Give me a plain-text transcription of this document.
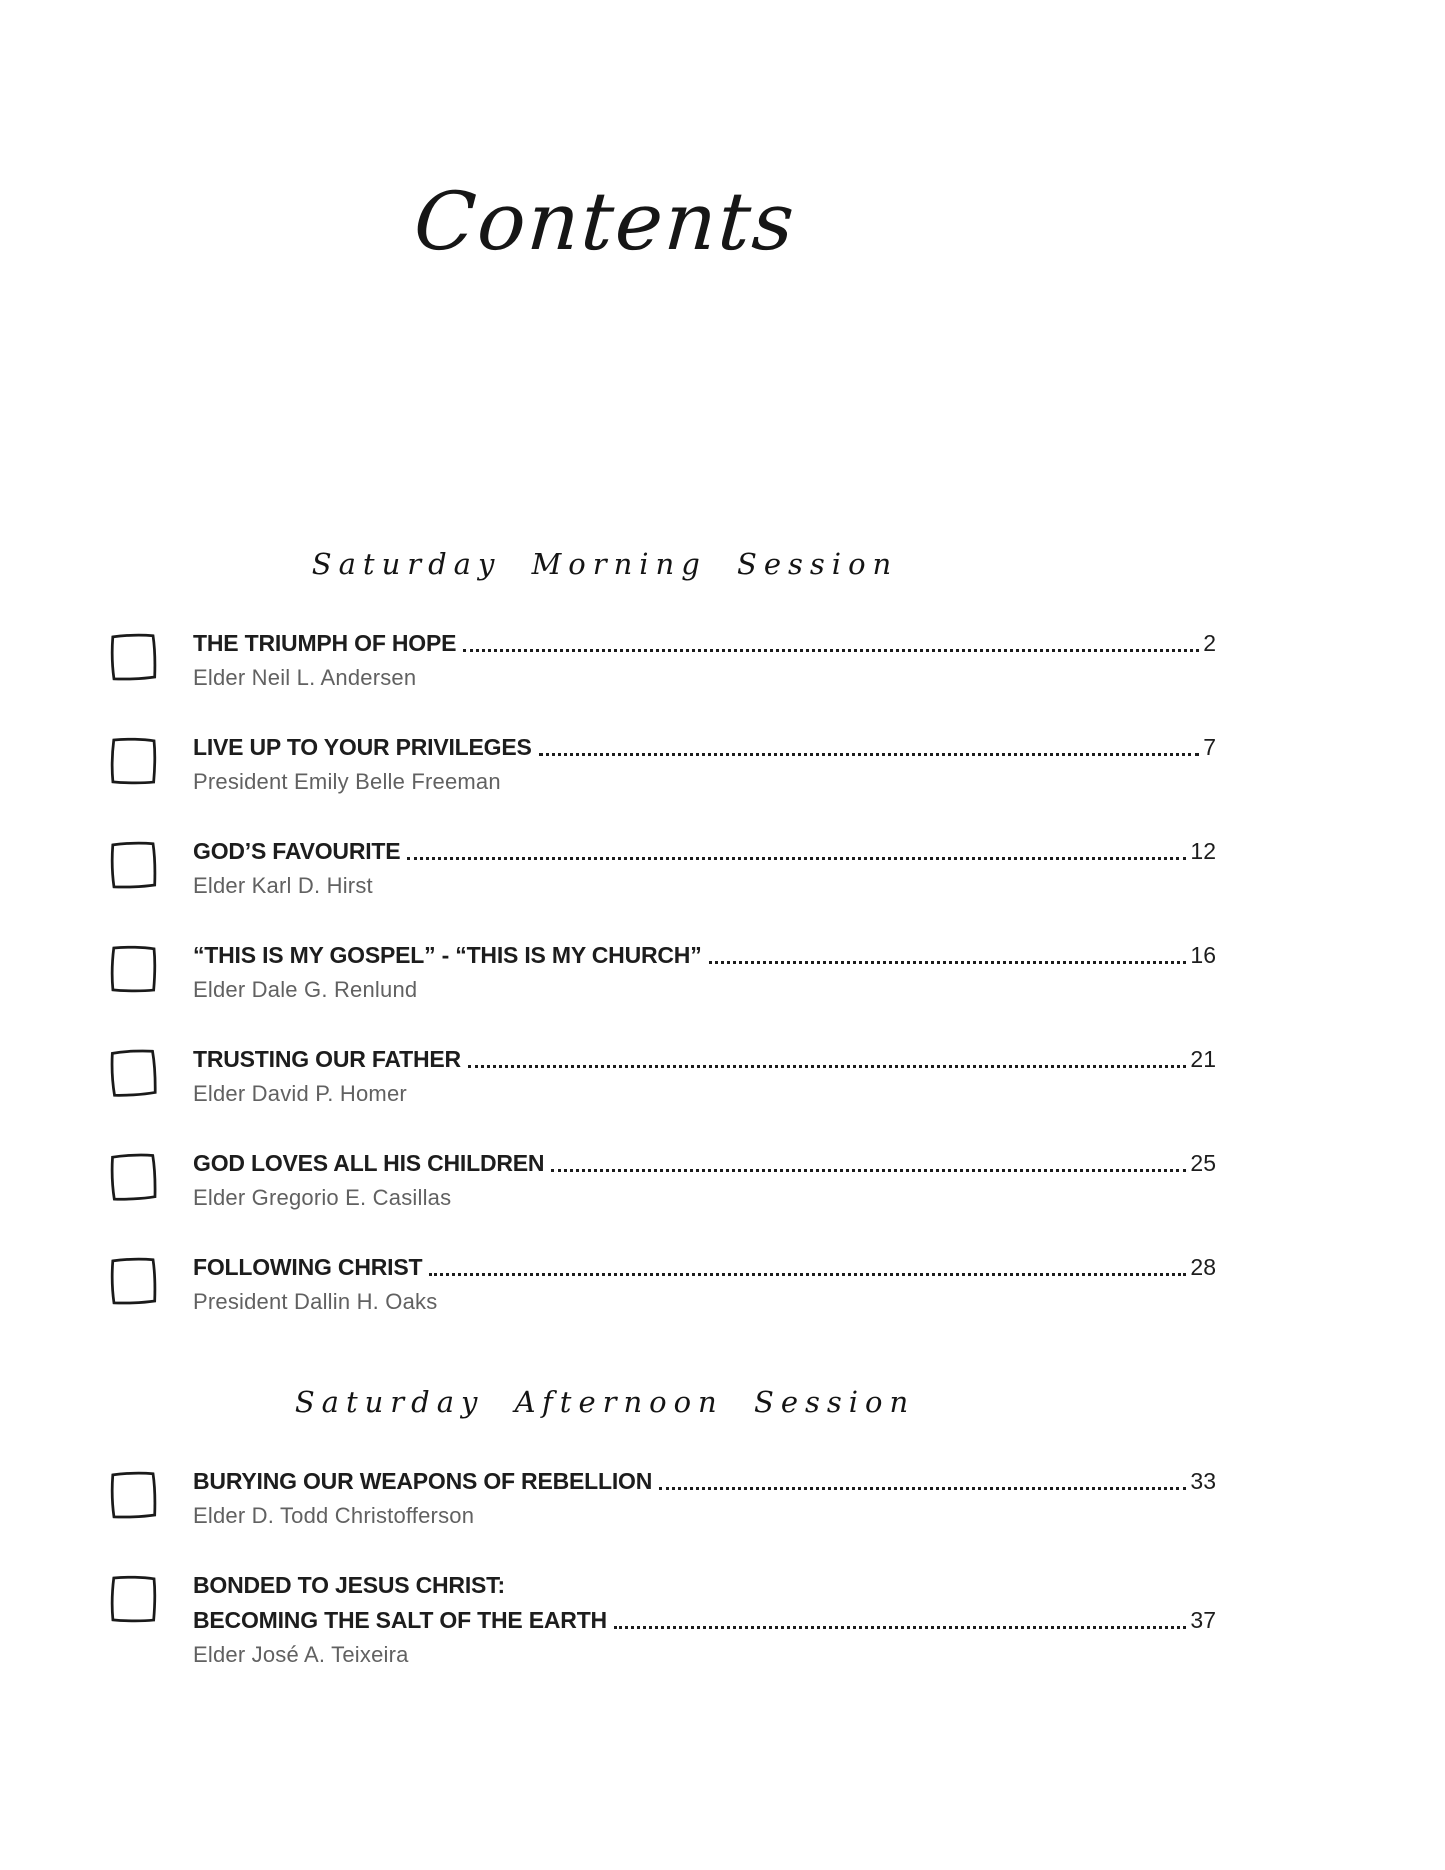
Contents
Saturday Morning Session
THE TRIUMPH OF HOPE	2
Elder Neil L. Andersen
LIVE UP TO YOUR PRIVILEGES	7
President Emily Belle Freeman
GOD’S FAVOURITE	12
Elder Karl D. Hirst
“THIS IS MY GOSPEL” - “THIS IS MY CHURCH”	16
Elder Dale G. Renlund
TRUSTING OUR FATHER	21
Elder David P. Homer
GOD LOVES ALL HIS CHILDREN	25
Elder Gregorio E. Casillas
FOLLOWING CHRIST	28
President Dallin H. Oaks
Saturday Afternoon Session
BURYING OUR WEAPONS OF REBELLION	33
Elder D. Todd Christofferson
BONDED TO JESUS CHRIST:
BECOMING THE SALT OF THE EARTH	37
Elder José A. Teixeira
